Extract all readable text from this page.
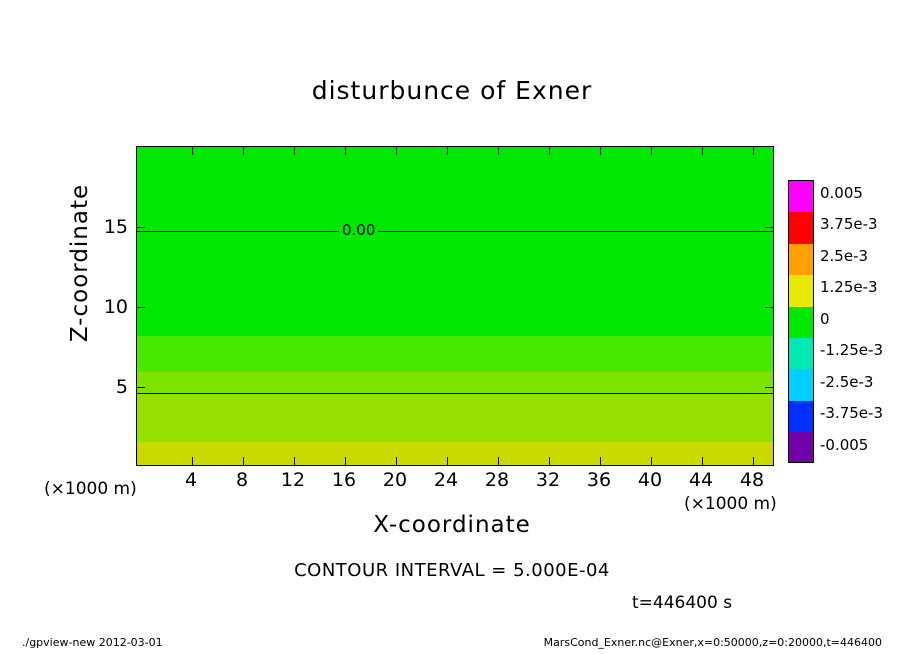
disturbunce of Exner
0.00
4	8	12	16	20	24	28	32	36	40	44	48
5
10
15
Z-coordinate
X-coordinate
(×1000 m)
(×1000 m)
0.005
3.75e-3
2.5e-3
1.25e-3
0
-1.25e-3
-2.5e-3
-3.75e-3
-0.005
CONTOUR INTERVAL = 5.000E-04
t=446400 s
./gpview-new 2012-03-01	MarsCond_Exner.nc@Exner,x=0:50000,z=0:20000,t=446400
